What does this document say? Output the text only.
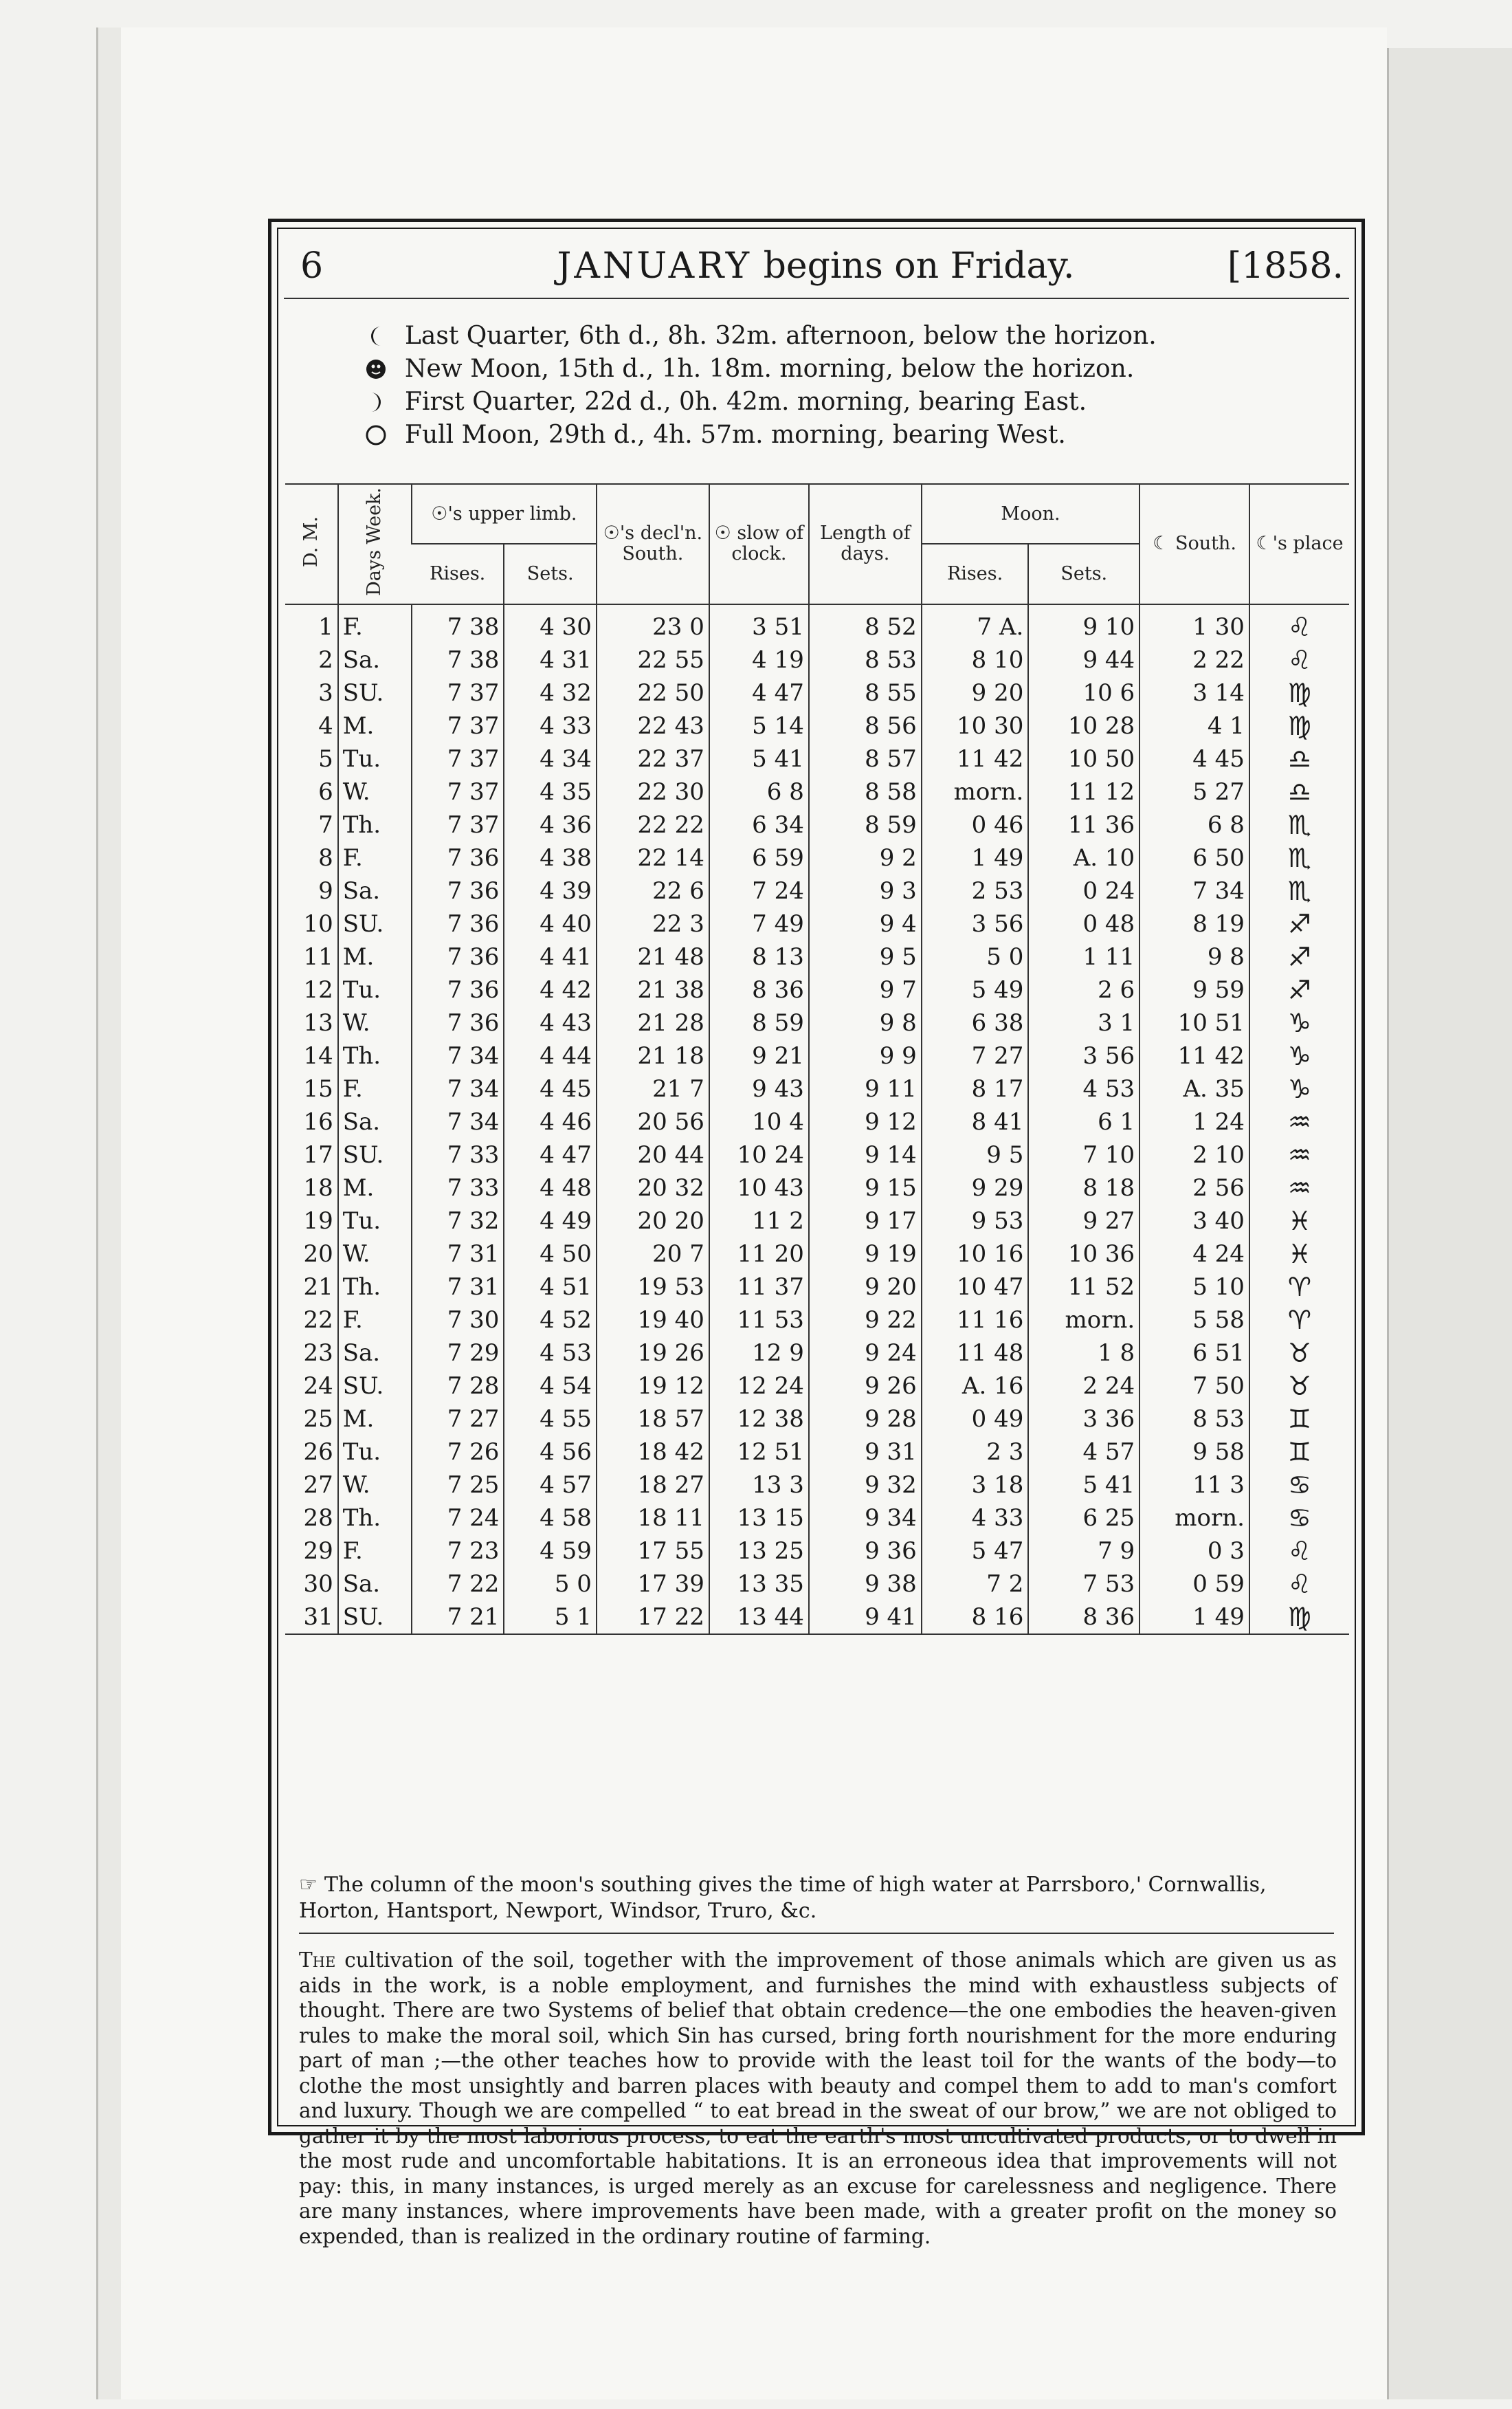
6	JANUARY begins on Friday.	[1858.
Last Quarter, 6th d., 8h. 32m. afternoon, below the horizon.
New Moon, 15th d., 1h. 18m. morning, below the horizon.
First Quarter, 22d d., 0h. 42m. morning, bearing East.
Full Moon, 29th d., 4h. 57m. morning, bearing West.
D. M.	Days Week.	☉'s upper limb.		☉'s decl'n. South.	☉ slow of clock.	Length of days.	Moon.		☾ South.	☾'s place
		Rises.	Sets.				Rises.	Sets.		
1	F.	7 38	4 30	23 0	3 51	8 52	7 A.	9 10	1 30	♌
2	Sa.	7 38	4 31	22 55	4 19	8 53	8 10	9 44	2 22	♌
3	SU.	7 37	4 32	22 50	4 47	8 55	9 20	10 6	3 14	♍
4	M.	7 37	4 33	22 43	5 14	8 56	10 30	10 28	4 1	♍
5	Tu.	7 37	4 34	22 37	5 41	8 57	11 42	10 50	4 45	♎
6	W.	7 37	4 35	22 30	6 8	8 58	morn.	11 12	5 27	♎
7	Th.	7 37	4 36	22 22	6 34	8 59	0 46	11 36	6 8	♏
8	F.	7 36	4 38	22 14	6 59	9 2	1 49	A. 10	6 50	♏
9	Sa.	7 36	4 39	22 6	7 24	9 3	2 53	0 24	7 34	♏
10	SU.	7 36	4 40	22 3	7 49	9 4	3 56	0 48	8 19	♐
11	M.	7 36	4 41	21 48	8 13	9 5	5 0	1 11	9 8	♐
12	Tu.	7 36	4 42	21 38	8 36	9 7	5 49	2 6	9 59	♐
13	W.	7 36	4 43	21 28	8 59	9 8	6 38	3 1	10 51	♑
14	Th.	7 34	4 44	21 18	9 21	9 9	7 27	3 56	11 42	♑
15	F.	7 34	4 45	21 7	9 43	9 11	8 17	4 53	A. 35	♑
16	Sa.	7 34	4 46	20 56	10 4	9 12	8 41	6 1	1 24	♒
17	SU.	7 33	4 47	20 44	10 24	9 14	9 5	7 10	2 10	♒
18	M.	7 33	4 48	20 32	10 43	9 15	9 29	8 18	2 56	♒
19	Tu.	7 32	4 49	20 20	11 2	9 17	9 53	9 27	3 40	♓
20	W.	7 31	4 50	20 7	11 20	9 19	10 16	10 36	4 24	♓
21	Th.	7 31	4 51	19 53	11 37	9 20	10 47	11 52	5 10	♈
22	F.	7 30	4 52	19 40	11 53	9 22	11 16	morn.	5 58	♈
23	Sa.	7 29	4 53	19 26	12 9	9 24	11 48	1 8	6 51	♉
24	SU.	7 28	4 54	19 12	12 24	9 26	A. 16	2 24	7 50	♉
25	M.	7 27	4 55	18 57	12 38	9 28	0 49	3 36	8 53	♊
26	Tu.	7 26	4 56	18 42	12 51	9 31	2 3	4 57	9 58	♊
27	W.	7 25	4 57	18 27	13 3	9 32	3 18	5 41	11 3	♋
28	Th.	7 24	4 58	18 11	13 15	9 34	4 33	6 25	morn.	♋
29	F.	7 23	4 59	17 55	13 25	9 36	5 47	7 9	0 3	♌
30	Sa.	7 22	5 0	17 39	13 35	9 38	7 2	7 53	0 59	♌
31	SU.	7 21	5 1	17 22	13 44	9 41	8 16	8 36	1 49	♍
☞ The column of the moon's southing gives the time of high water at Parrsboro,' Cornwallis, Horton, Hantsport, Newport, Windsor, Truro, &c.
The cultivation of the soil, together with the improvement of those animals which are given us as aids in the work, is a noble employment, and furnishes the mind with exhaustless subjects of thought. There are two Systems of belief that obtain credence—the one embodies the heaven-given rules to make the moral soil, which Sin has cursed, bring forth nourishment for the more enduring part of man ;—the other teaches how to provide with the least toil for the wants of the body—to clothe the most unsightly and barren places with beauty and compel them to add to man's comfort and luxury. Though we are compelled “ to eat bread in the sweat of our brow,” we are not obliged to gather it by the most laborious process, to eat the earth's most uncultivated products, or to dwell in the most rude and uncomfortable habitations. It is an erroneous idea that improvements will not pay: this, in many instances, is urged merely as an excuse for carelessness and negligence. There are many instances, where improvements have been made, with a greater profit on the money so expended, than is realized in the ordinary routine of farming.
